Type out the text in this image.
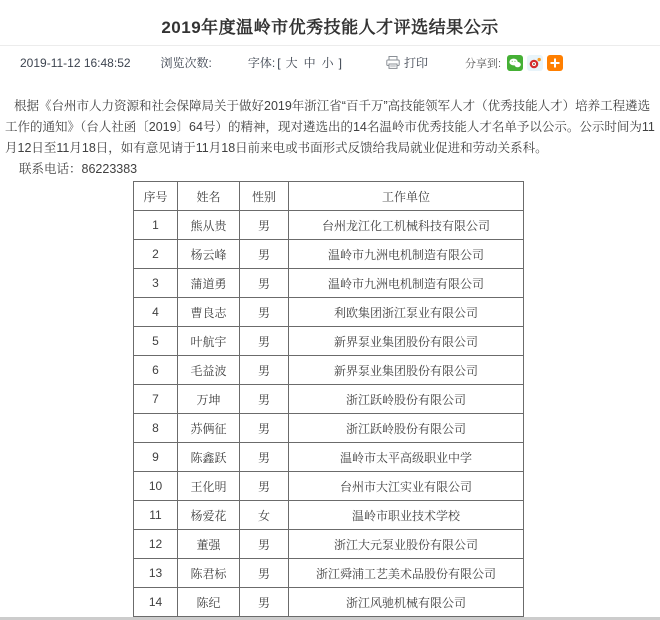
2019年度温岭市优秀技能人才评选结果公示
2019-11-12 16:48:52	浏览次数:	字体: [ 大 中 小 ]	打印	分享到:

根据《台州市人力资源和社会保障局关于做好2019年浙江省“百千万”高技能领军人才（优秀技能人才）培养工程遴选工作的通知》（台人社函〔2019〕64号）的精神，现对遴选出的14名温岭市优秀技能人才名单予以公示。公示时间为11月12日至11月18日，如有意见请于11月18日前来电或书面形式反馈给我局就业促进和劳动关系科。

联系电话：86223383

序号	姓名	性别	工作单位
1	熊从贵	男	台州龙江化工机械科技有限公司
2	杨云峰	男	温岭市九洲电机制造有限公司
3	蒲道勇	男	温岭市九洲电机制造有限公司
4	曹良志	男	利欧集团浙江泵业有限公司
5	叶航宇	男	新界泵业集团股份有限公司
6	毛益波	男	新界泵业集团股份有限公司
7	万坤	男	浙江跃岭股份有限公司
8	苏俩征	男	浙江跃岭股份有限公司
9	陈鑫跃	男	温岭市太平高级职业中学
10	王化明	男	台州市大江实业有限公司
11	杨爱花	女	温岭市职业技术学校
12	董强	男	浙江大元泵业股份有限公司
13	陈君标	男	浙江舜浦工艺美术品股份有限公司
14	陈纪	男	浙江风驰机械有限公司
